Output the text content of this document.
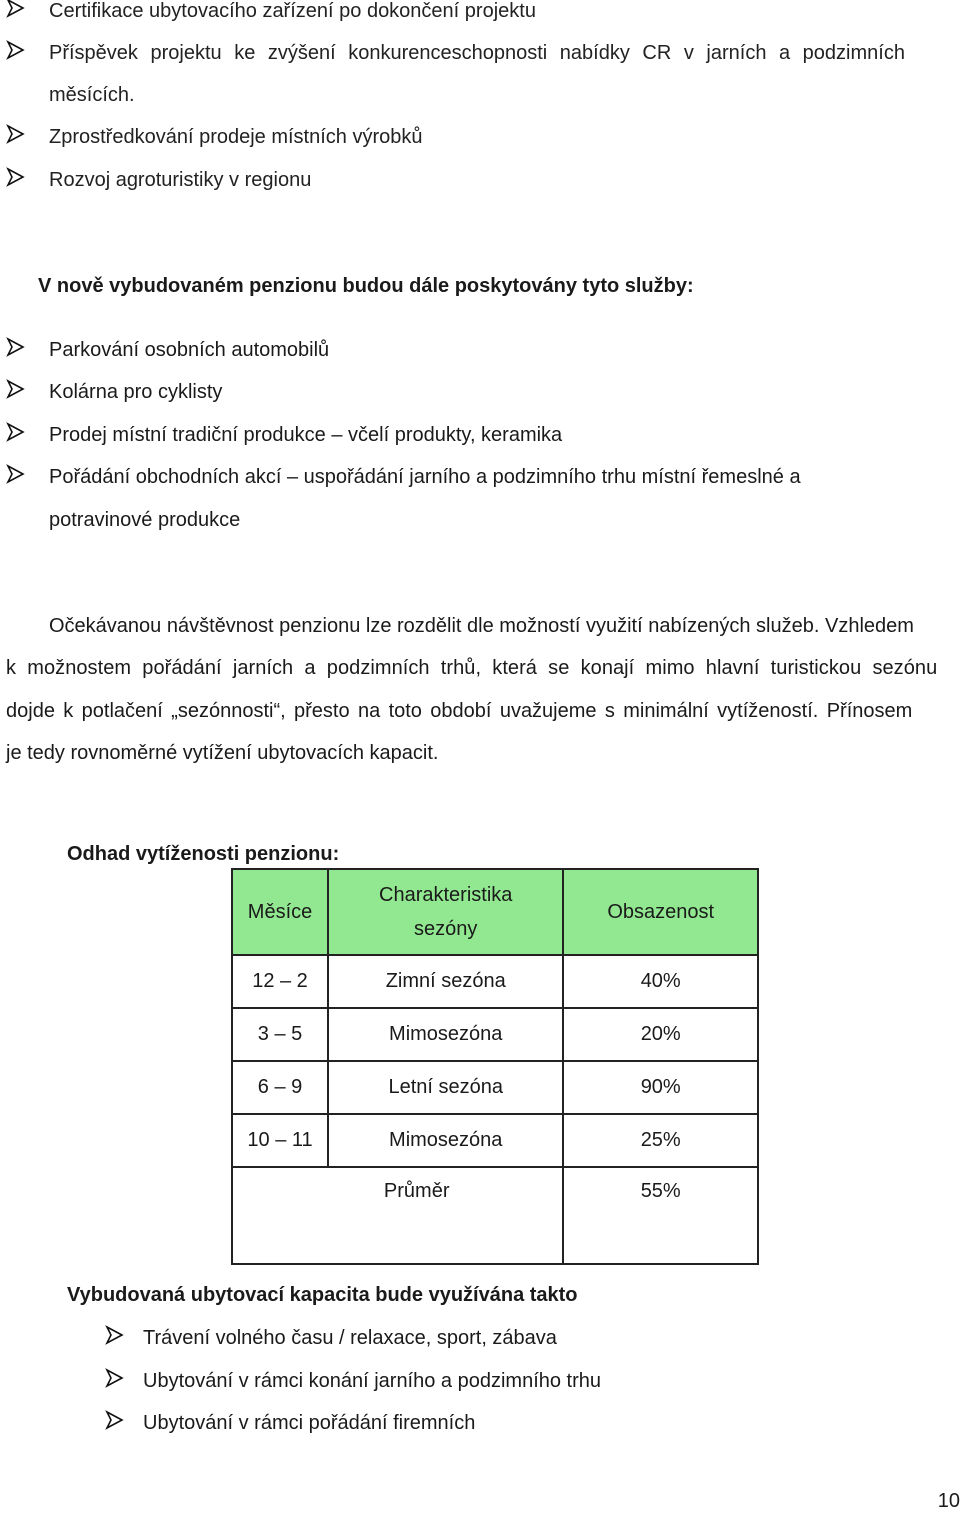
Certifikace ubytovacího zařízení po dokončení projektu
Příspěvek projektu ke zvýšení konkurenceschopnosti nabídky CR v jarních a podzimních
měsících.
Zprostředkování prodeje místních výrobků
Rozvoj agroturistiky v regionu
V nově vybudovaném penzionu budou dále poskytovány tyto služby:
Parkování osobních automobilů
Kolárna pro cyklisty
Prodej místní tradiční produkce – včelí produkty, keramika
Pořádání obchodních akcí – uspořádání jarního a podzimního trhu místní řemeslné a
potravinové produkce
Očekávanou návštěvnost penzionu lze rozdělit dle možností využití nabízených služeb. Vzhledem
k možnostem pořádání jarních a podzimních trhů, která se konají mimo hlavní turistickou sezónu
dojde k potlačení „sezónnosti“, přesto na toto období uvažujeme s minimální vytížeností. Přínosem
je tedy rovnoměrné vytížení ubytovacích kapacit.
Odhad vytíženosti penzionu:
Měsíce	Charakteristika sezóny	Obsazenost
12 – 2	Zimní sezóna	40%
3 – 5	Mimosezóna	20%
6 – 9	Letní sezóna	90%
10 – 11	Mimosezóna	25%
Průměr		55%
Vybudovaná ubytovací kapacita bude využívána takto
Trávení volného času / relaxace, sport, zábava
Ubytování v rámci konání jarního a podzimního trhu
Ubytování v rámci pořádání firemních
10
